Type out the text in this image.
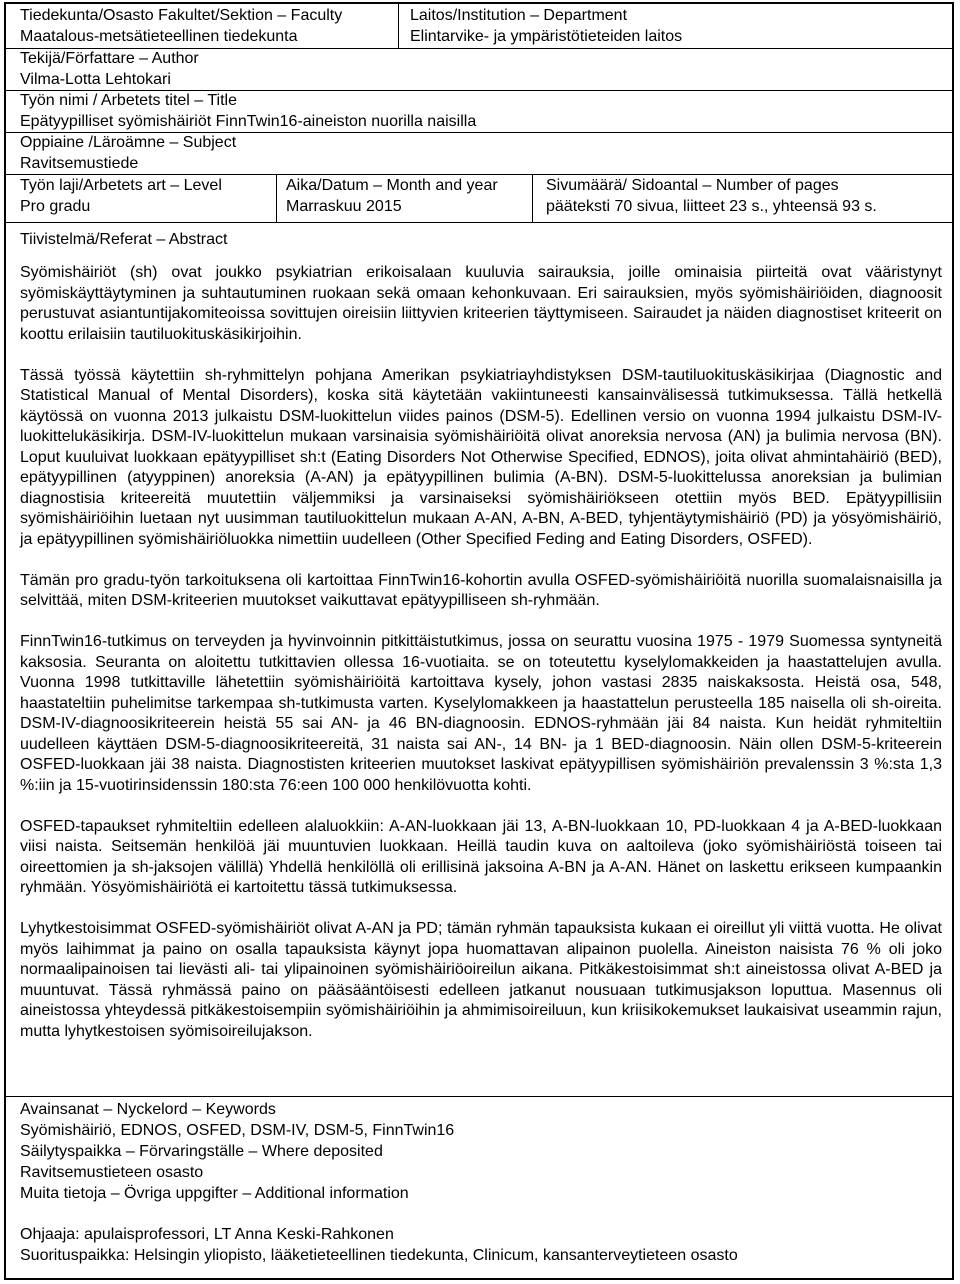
Tiedekunta/Osasto Fakultet/Sektion – Faculty
Maatalous-metsätieteellinen tiedekunta
Laitos/Institution – Department
Elintarvike- ja ympäristötieteiden laitos
Tekijä/Författare – Author
Vilma-Lotta Lehtokari
Työn nimi / Arbetets titel – Title
Epätyypilliset syömishäiriöt FinnTwin16-aineiston nuorilla naisilla
Oppiaine /Läroämne – Subject
Ravitsemustiede
Työn laji/Arbetets art – Level
Pro gradu
Aika/Datum – Month and year
Marraskuu 2015
Sivumäärä/ Sidoantal – Number of pages
pääteksti 70 sivua, liitteet 23 s., yhteensä 93 s.
Tiivistelmä/Referat – Abstract

Syömishäiriöt (sh) ovat joukko psykiatrian erikoisalaan kuuluvia sairauksia, joille ominaisia piirteitä ovat vääristynyt syömiskäyttäytyminen ja suhtautuminen ruokaan sekä omaan kehonkuvaan. Eri sairauksien, myös syömishäiriöiden, diagnoosit perustuvat asiantuntijakomiteoissa sovittujen oireisiin liittyvien kriteerien täyttymiseen. Sairaudet ja näiden diagnostiset kriteerit on koottu erilaisiin tautiluokituskäsikirjoihin.

Tässä työssä käytettiin sh-ryhmittelyn pohjana Amerikan psykiatriayhdistyksen DSM-tautiluokituskäsikirjaa (Diagnostic and Statistical Manual of Mental Disorders), koska sitä käytetään vakiintuneesti kansainvälisessä tutkimuksessa. Tällä hetkellä käytössä on vuonna 2013 julkaistu DSM-luokittelun viides painos (DSM-5). Edellinen versio on vuonna 1994 julkaistu DSM-IV-luokittelukäsikirja. DSM-IV-luokittelun mukaan varsinaisia syömishäiriöitä olivat anoreksia nervosa (AN) ja bulimia nervosa (BN). Loput kuuluivat luokkaan epätyypilliset sh:t (Eating Disorders Not Otherwise Specified, EDNOS), joita olivat ahmintahäiriö (BED), epätyypillinen (atyyppinen) anoreksia (A-AN) ja epätyypillinen bulimia (A-BN). DSM-5-luokittelussa anoreksian ja bulimian diagnostisia kriteereitä muutettiin väljemmiksi ja varsinaiseksi syömishäiriökseen otettiin myös BED. Epätyypillisiin syömishäiriöihin luetaan nyt uusimman tautiluokittelun mukaan A-AN, A-BN, A-BED, tyhjentäytymishäiriö (PD) ja yösyömishäiriö, ja epätyypillinen syömishäiriöluokka nimettiin uudelleen (Other Specified Feding and Eating Disorders, OSFED).

Tämän pro gradu-työn tarkoituksena oli kartoittaa FinnTwin16-kohortin avulla OSFED-syömishäiriöitä nuorilla suomalaisnaisilla ja selvittää, miten DSM-kriteerien muutokset vaikuttavat epätyypilliseen sh-ryhmään.

FinnTwin16-tutkimus on terveyden ja hyvinvoinnin pitkittäistutkimus, jossa on seurattu vuosina 1975 - 1979 Suomessa syntyneitä kaksosia. Seuranta on aloitettu tutkittavien ollessa 16-vuotiaita. se on toteutettu kyselylomakkeiden ja haastattelujen avulla. Vuonna 1998 tutkittaville lähetettiin syömishäiriöitä kartoittava kysely, johon vastasi 2835 naiskaksosta. Heistä osa, 548, haastateltiin puhelimitse tarkempaa sh-tutkimusta varten. Kyselylomakkeen ja haastattelun perusteella 185 naisella oli sh-oireita. DSM-IV-diagnoosikriteerein heistä 55 sai AN- ja 46 BN-diagnoosin. EDNOS-ryhmään jäi 84 naista. Kun heidät ryhmiteltiin uudelleen käyttäen DSM-5-diagnoosikriteereitä, 31 naista sai AN-, 14 BN- ja 1 BED-diagnoosin. Näin ollen DSM-5-kriteerein OSFED-luokkaan jäi 38 naista. Diagnostisten kriteerien muutokset laskivat epätyypillisen syömishäiriön prevalenssin 3 %:sta 1,3 %:iin ja 15-vuotirinsidenssin 180:sta 76:een 100 000 henkilövuotta kohti.

OSFED-tapaukset ryhmiteltiin edelleen alaluokkiin: A-AN-luokkaan jäi 13, A-BN-luokkaan 10, PD-luokkaan 4 ja A-BED-luokkaan viisi naista. Seitsemän henkilöä jäi muuntuvien luokkaan. Heillä taudin kuva on aaltoileva (joko syömishäiriöstä toiseen tai oireettomien ja sh-jaksojen välillä) Yhdellä henkilöllä oli erillisinä jaksoina A-BN ja A-AN. Hänet on laskettu erikseen kumpaankin ryhmään. Yösyömishäiriötä ei kartoitettu tässä tutkimuksessa.

Lyhytkestoisimmat OSFED-syömishäiriöt olivat A-AN ja PD; tämän ryhmän tapauksista kukaan ei oireillut yli viittä vuotta. He olivat myös laihimmat ja paino on osalla tapauksista käynyt jopa huomattavan alipainon puolella. Aineiston naisista 76 % oli joko normaalipainoisen tai lievästi ali- tai ylipainoinen syömishäiriöoireilun aikana. Pitkäkestoisimmat sh:t aineistossa olivat A-BED ja muuntuvat. Tässä ryhmässä paino on pääsääntöisesti edelleen jatkanut nousuaan tutkimusjakson loputtua. Masennus oli aineistossa yhteydessä pitkäkestoisempiin syömishäiriöihin ja ahmimisoireiluun, kun kriisikokemukset laukaisivat useammin rajun, mutta lyhytkestoisen syömisoireilujakson.

Avainsanat – Nyckelord – Keywords
Syömishäiriö, EDNOS, OSFED, DSM-IV, DSM-5, FinnTwin16
Säilytyspaikka – Förvaringställe – Where deposited
Ravitsemustieteen osasto
Muita tietoja – Övriga uppgifter – Additional information
Ohjaaja: apulaisprofessori, LT Anna Keski-Rahkonen
Suorituspaikka: Helsingin yliopisto, lääketieteellinen tiedekunta, Clinicum, kansanterveytieteen osasto
